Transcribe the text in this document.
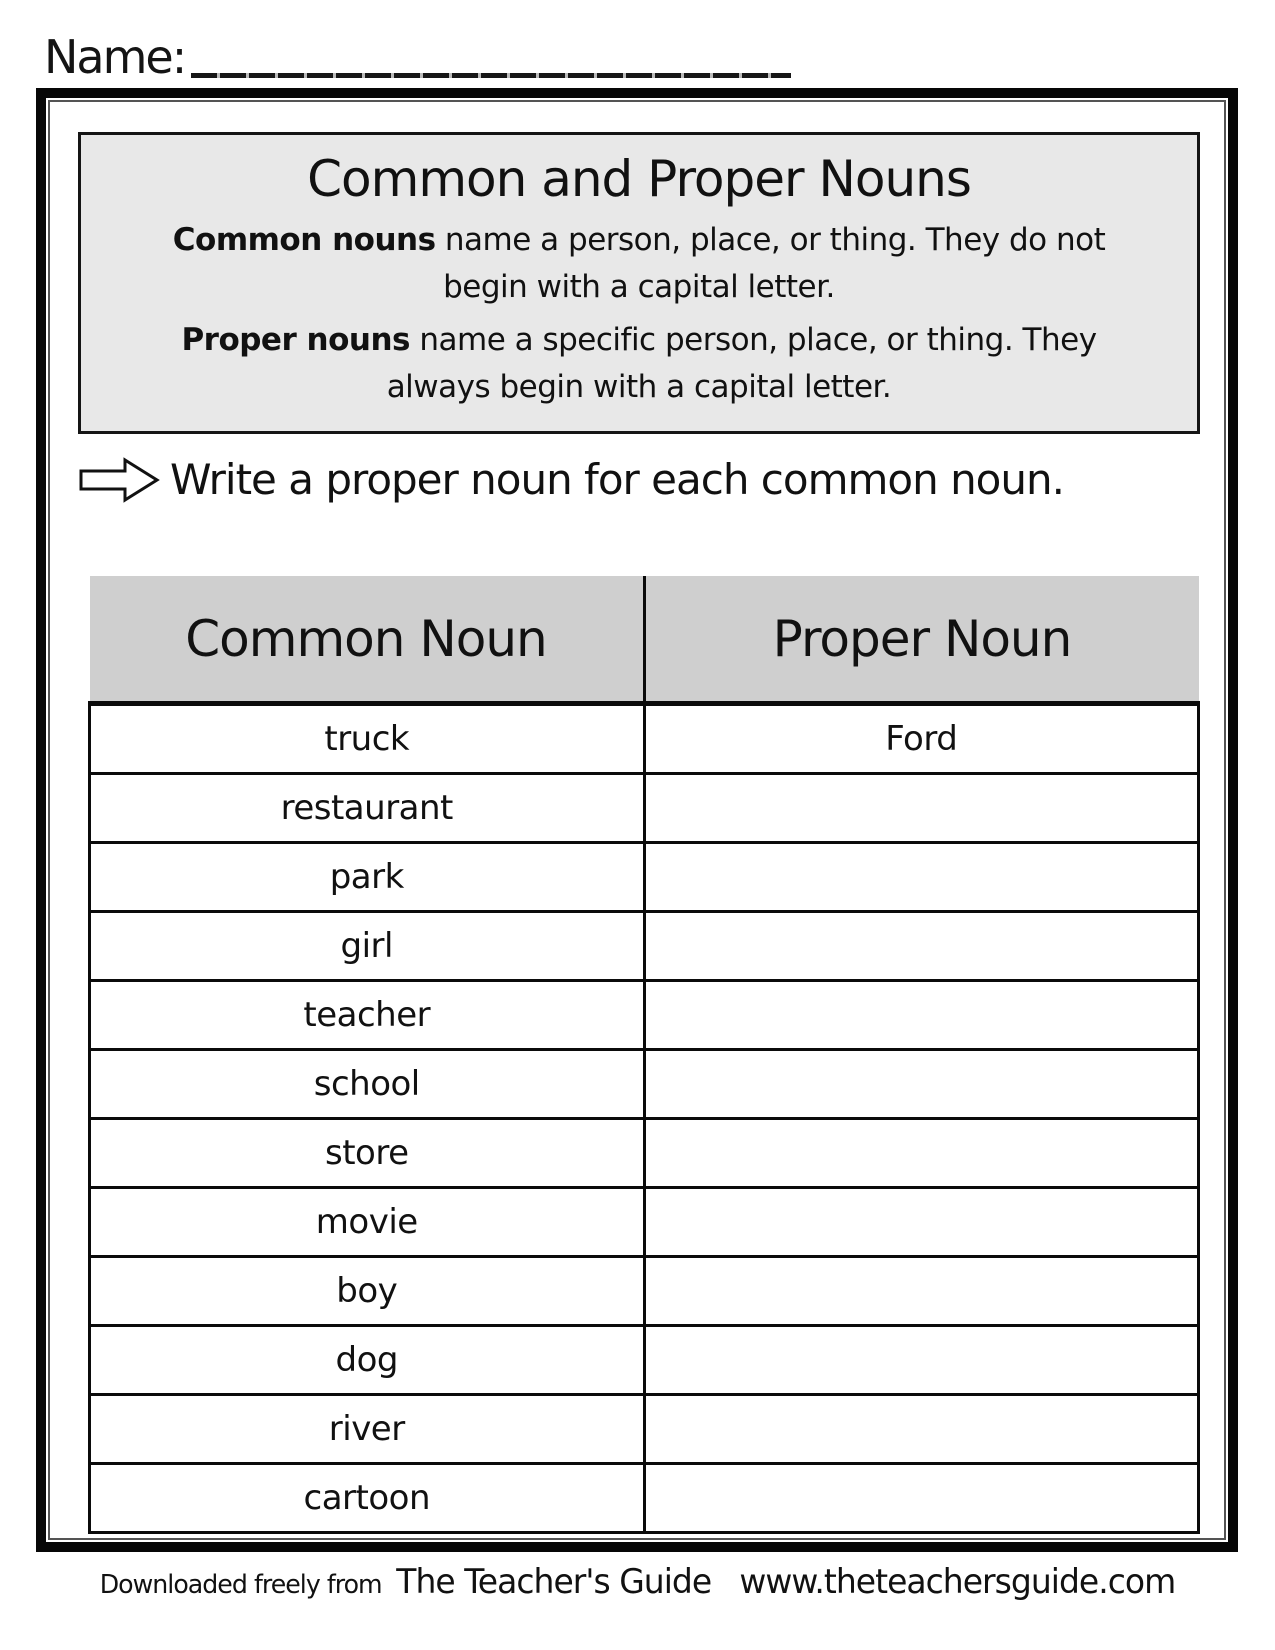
Name:
Common and Proper Nouns

Common nouns name a person, place, or thing. They do not begin with a capital letter.

Proper nouns name a specific person, place, or thing. They always begin with a capital letter.

Write a proper noun for each common noun.
Common Noun	Proper Noun
truck	Ford
restaurant	
park	
girl	
teacher	
school	
store	
movie	
boy	
dog	
river	
cartoon	
Downloaded freely from The Teacher's Guide www.theteachersguide.com
